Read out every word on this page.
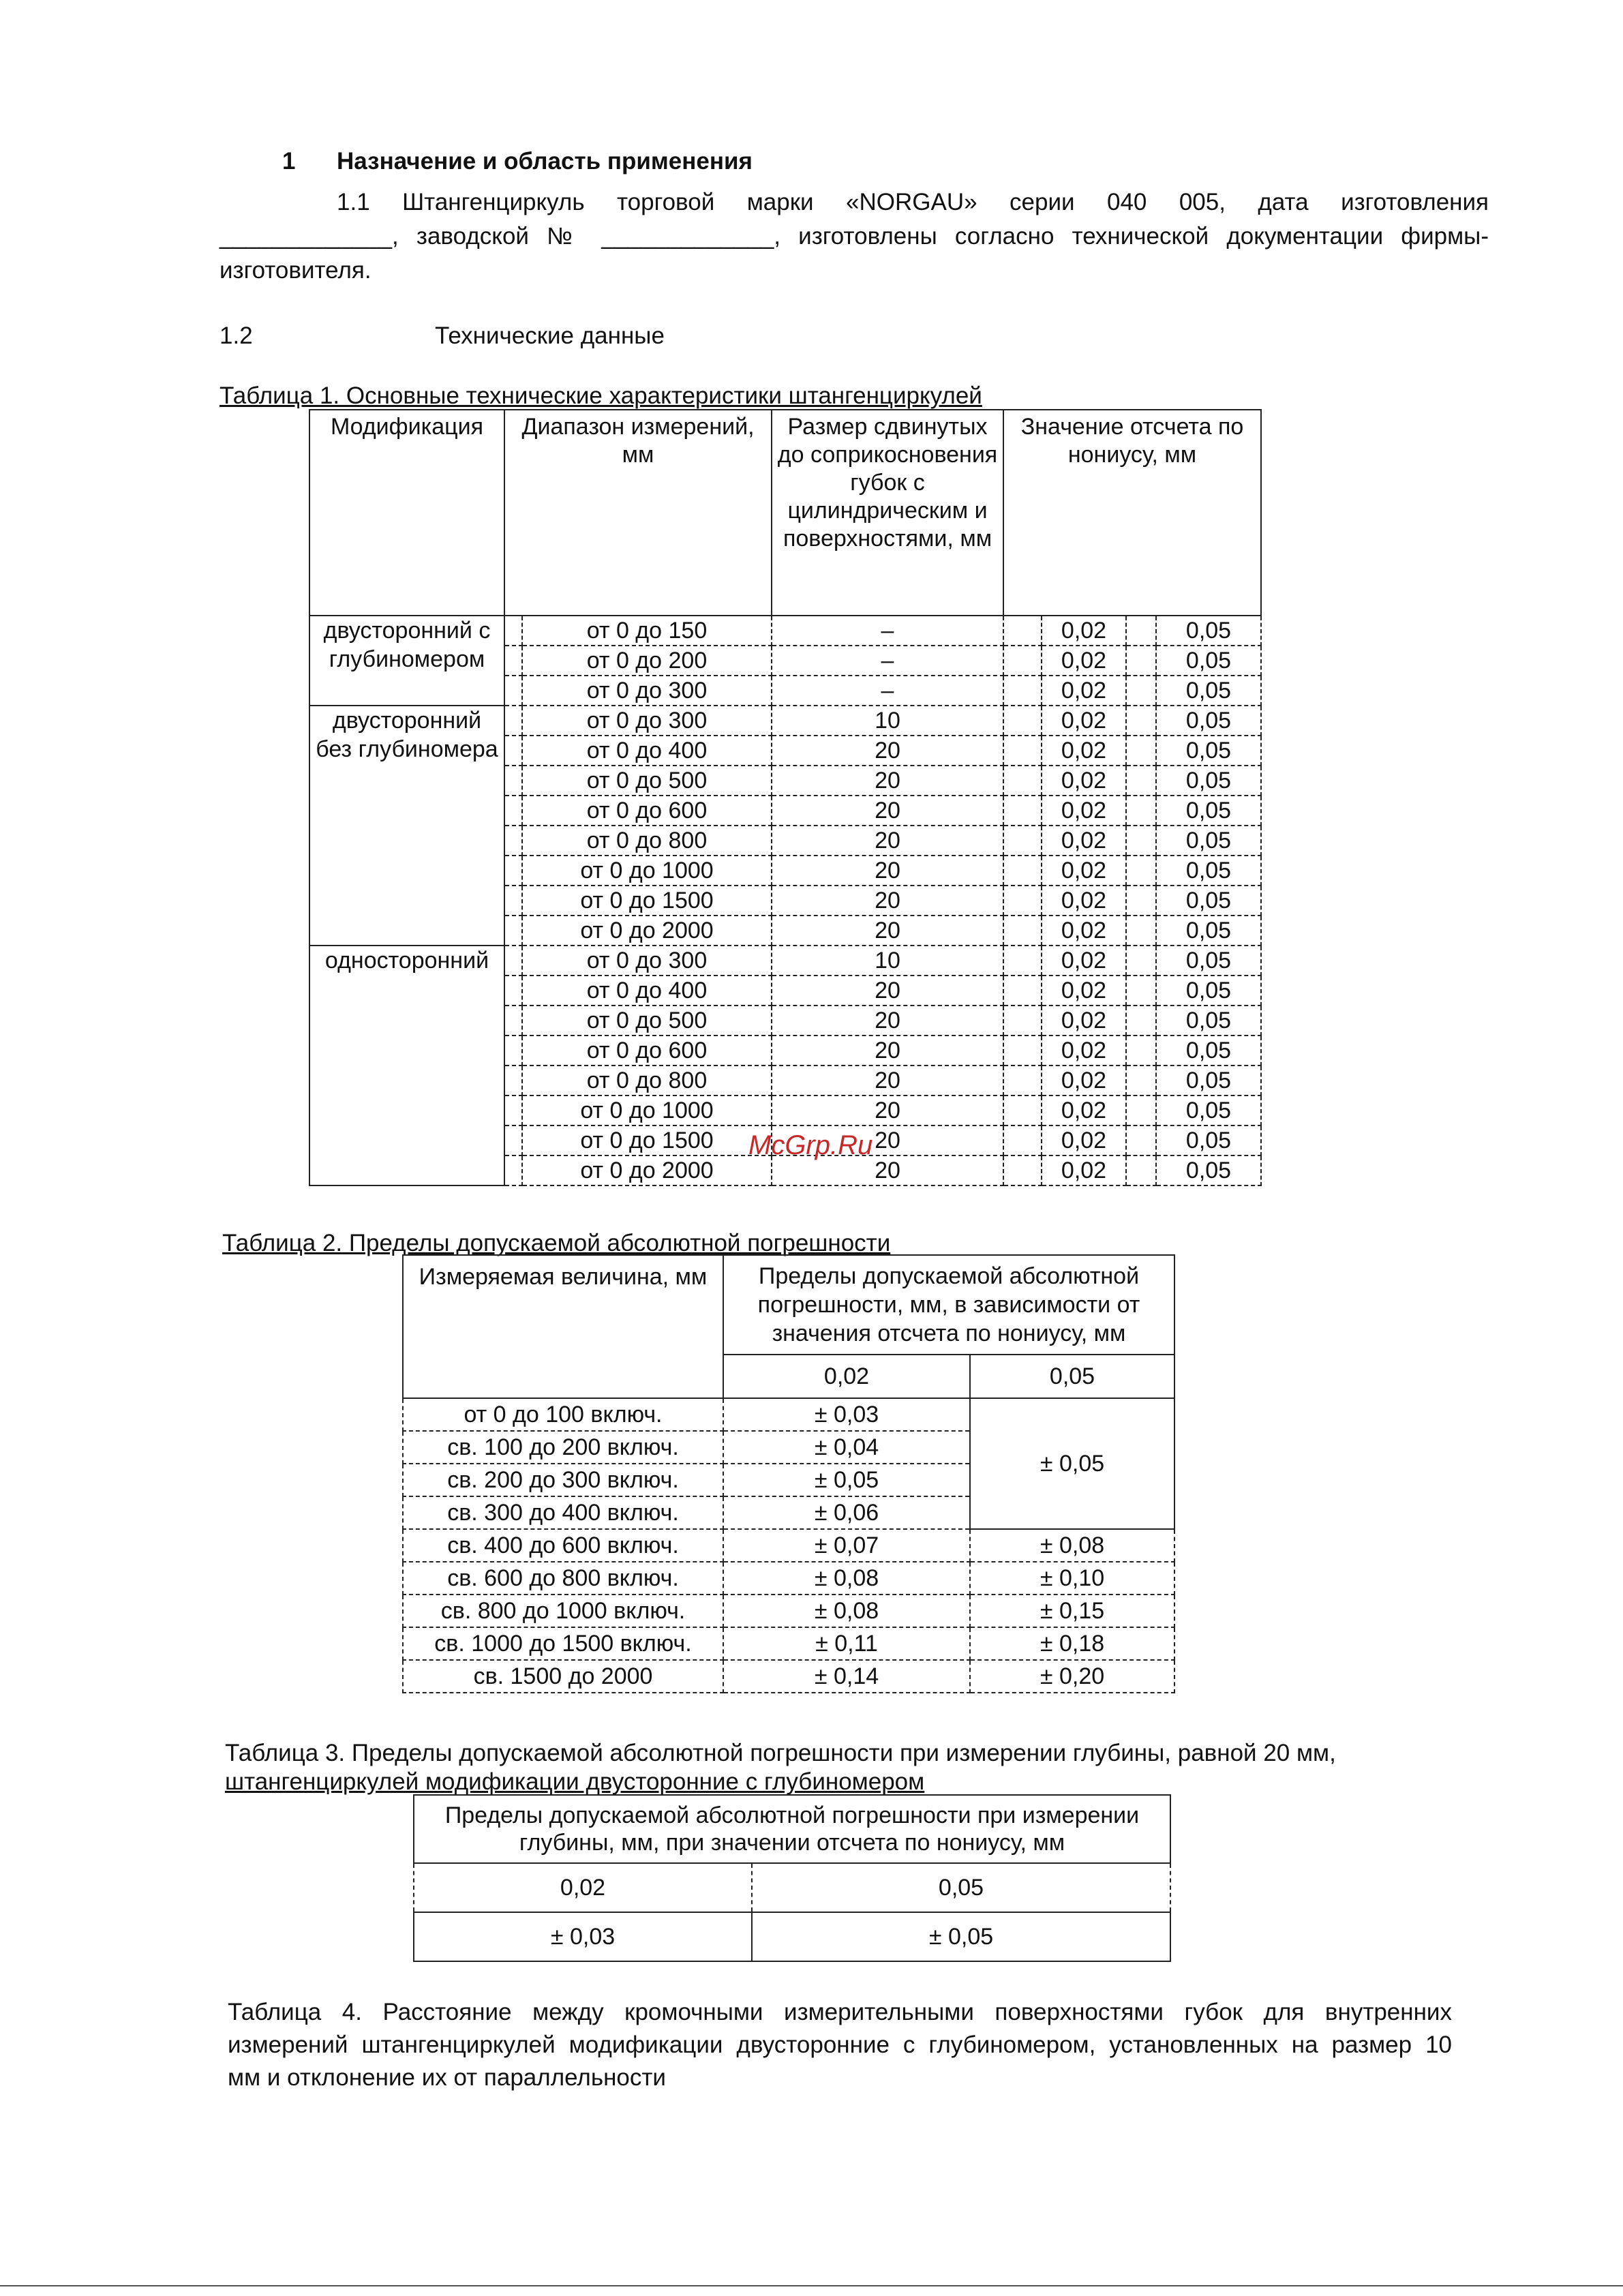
1 Назначение и область применения
1.1 Штангенциркуль торговой марки «NORGAU» серии 040 005, дата изготовления
_____________, заводской № _____________, изготовлены согласно технической документации фирмы-
изготовителя.
1.2	Технические данные
Таблица 1. Основные технические характеристики штангенциркулей
Модификация	Диапазон измерений, мм		Размер сдвинутых до соприкосновения губок с цилиндрическим и поверхностями, мм	Значение отсчета по нониусу, мм			
двусторонний с глубиномером		от 0 до 150	–		0,02		0,05
		от 0 до 200	–		0,02		0,05
		от 0 до 300	–		0,02		0,05
двусторонний без глубиномера		от 0 до 300	10		0,02		0,05
		от 0 до 400	20		0,02		0,05
		от 0 до 500	20		0,02		0,05
		от 0 до 600	20		0,02		0,05
		от 0 до 800	20		0,02		0,05
		от 0 до 1000	20		0,02		0,05
		от 0 до 1500	20		0,02		0,05
		от 0 до 2000	20		0,02		0,05
односторонний		от 0 до 300	10		0,02		0,05
		от 0 до 400	20		0,02		0,05
		от 0 до 500	20		0,02		0,05
		от 0 до 600	20		0,02		0,05
		от 0 до 800	20		0,02		0,05
		от 0 до 1000	20		0,02		0,05
		от 0 до 1500	20		0,02		0,05
		от 0 до 2000	20		0,02		0,05
McGrp.Ru
Таблица 2. Пределы допускаемой абсолютной погрешности
Измеряемая величина, мм	Пределы допускаемой абсолютной погрешности, мм, в зависимости от значения отсчета по нониусу, мм	
	0,02	0,05
от 0 до 100 включ.	± 0,03	± 0,05
св. 100 до 200 включ.	± 0,04	
св. 200 до 300 включ.	± 0,05	
св. 300 до 400 включ.	± 0,06	
св. 400 до 600 включ.	± 0,07	± 0,08
св. 600 до 800 включ.	± 0,08	± 0,10
св. 800 до 1000 включ.	± 0,08	± 0,15
св. 1000 до 1500 включ.	± 0,11	± 0,18
св. 1500 до 2000	± 0,14	± 0,20
Таблица 3. Пределы допускаемой абсолютной погрешности при измерении глубины, равной 20 мм,
штангенциркулей модификации двусторонние с глубиномером
Пределы допускаемой абсолютной погрешности при измерении глубины, мм, при значении отсчета по нониусу, мм	
0,02	0,05
± 0,03	± 0,05
Таблица 4. Расстояние между кромочными измерительными поверхностями губок для внутренних
измерений штангенциркулей модификации двусторонние с глубиномером, установленных на размер 10
мм и отклонение их от параллельности
